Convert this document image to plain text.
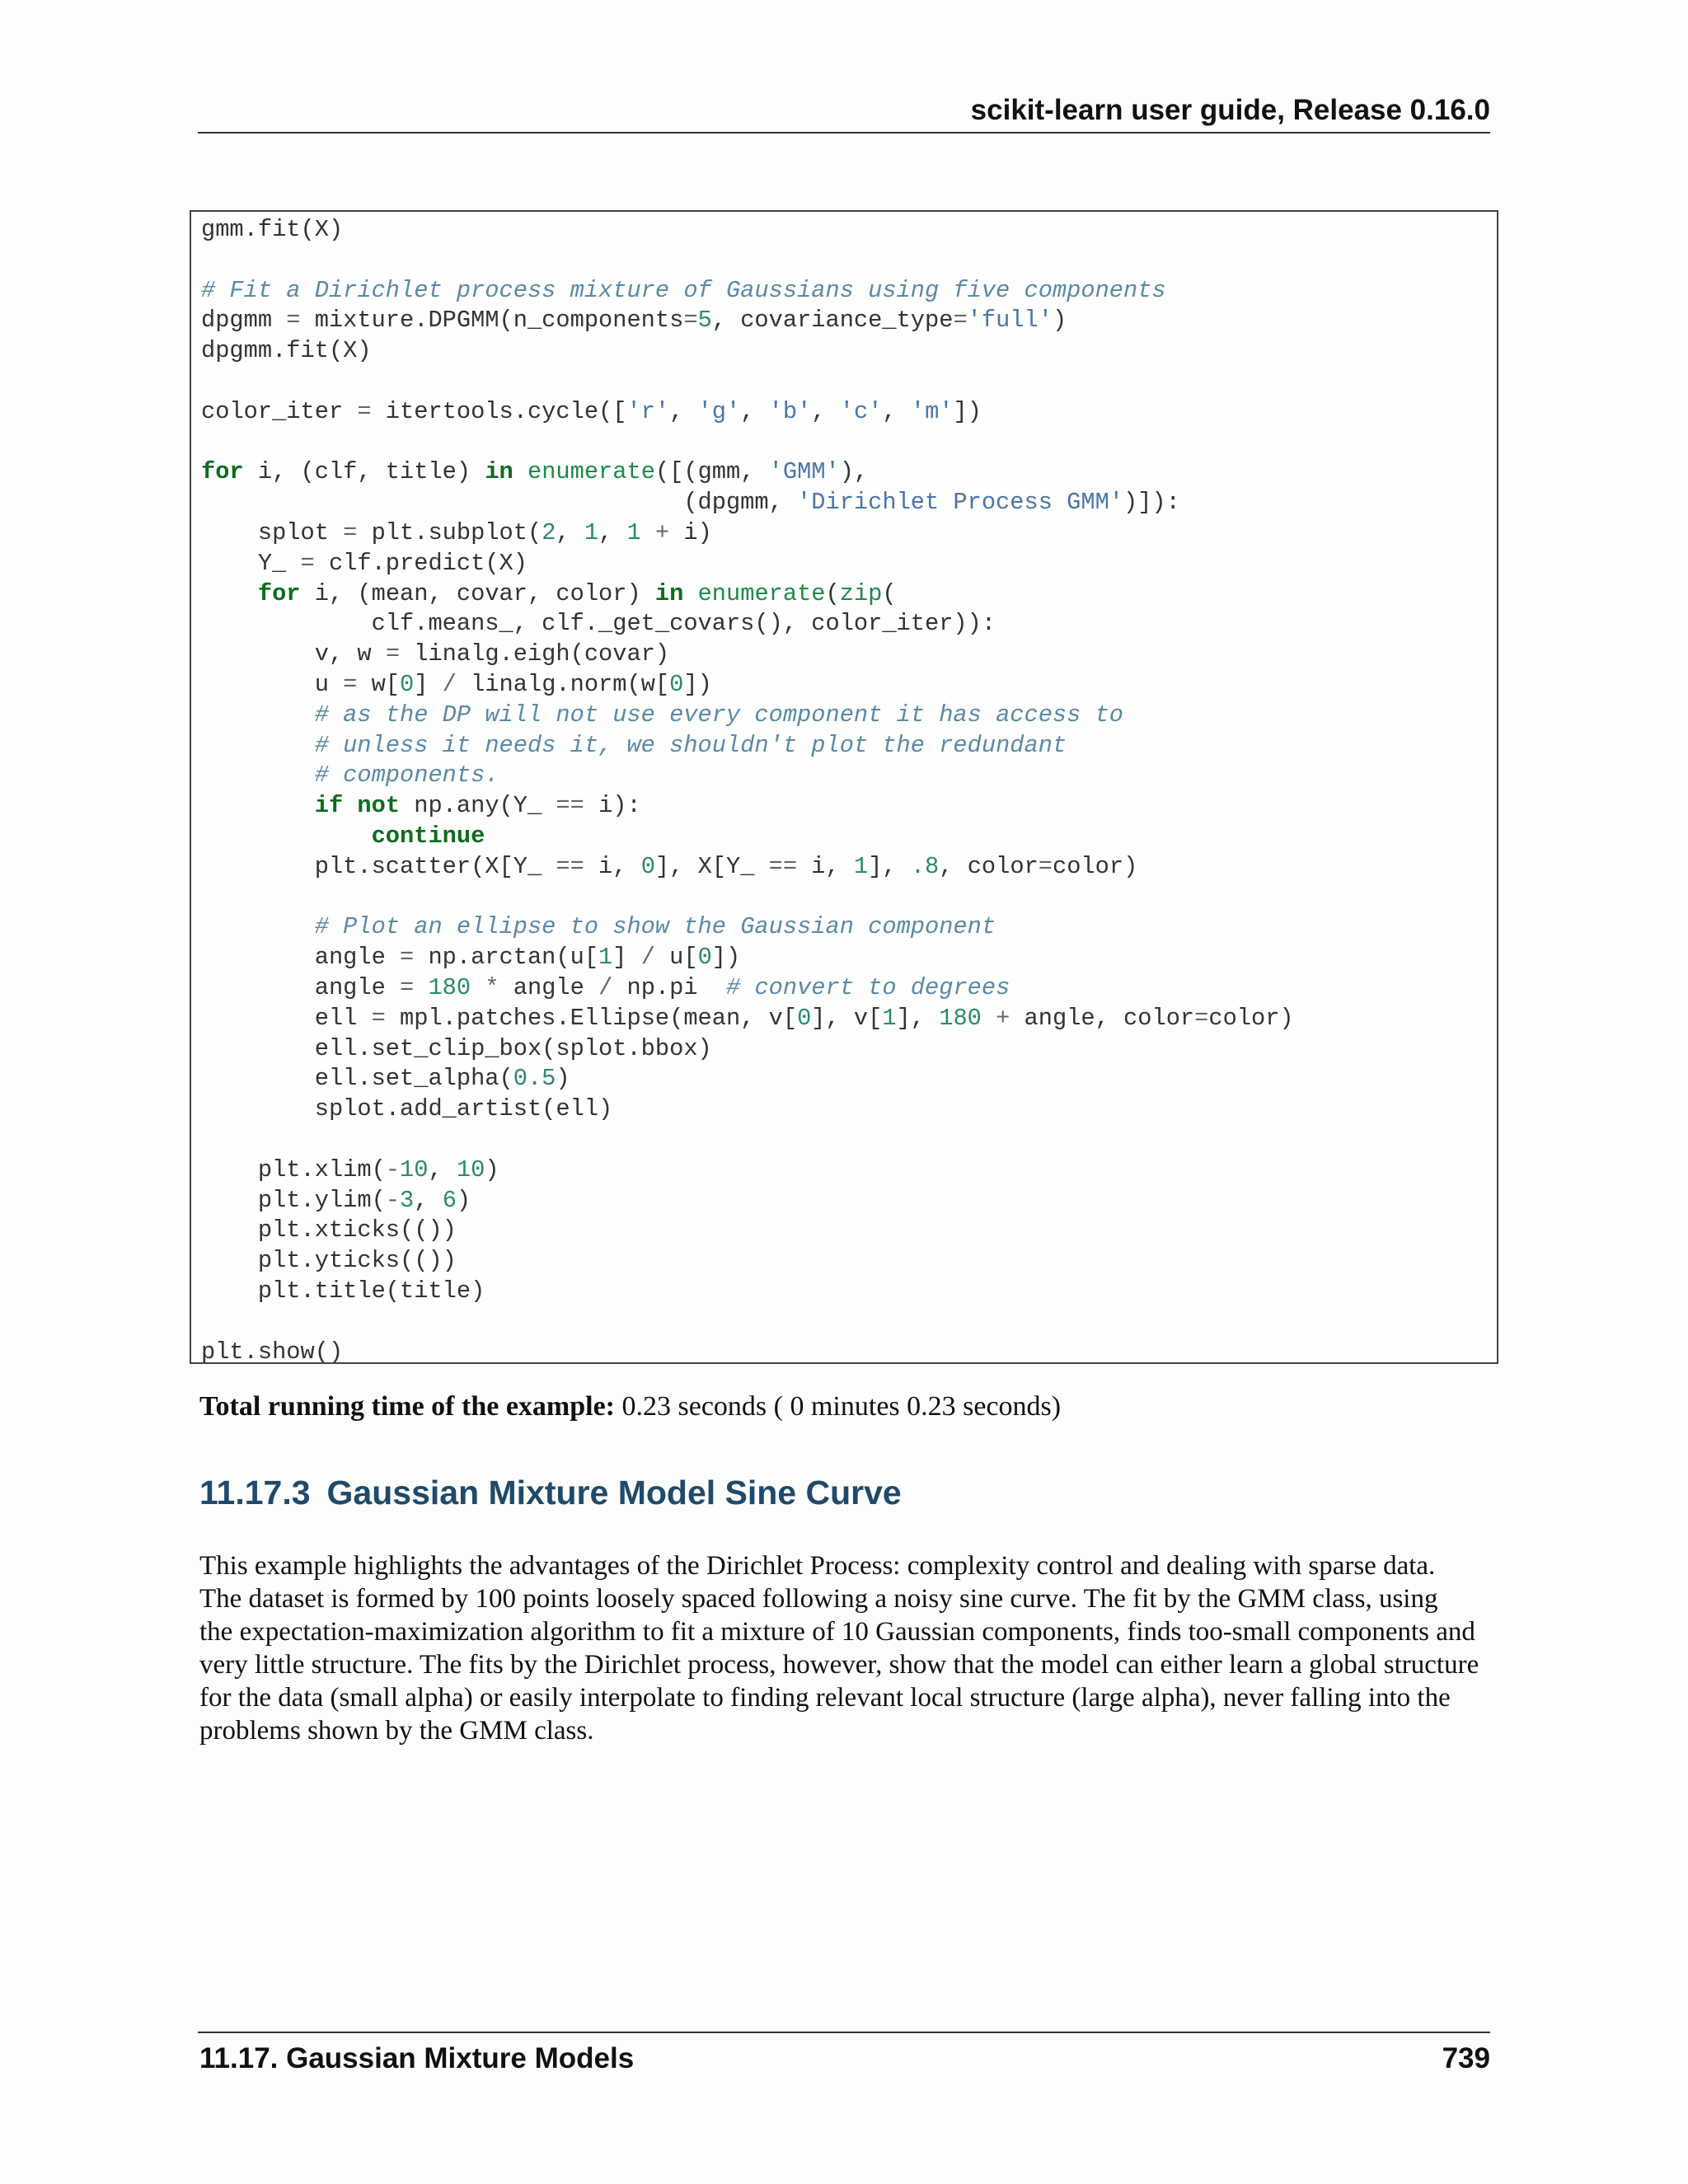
scikit-learn user guide, Release 0.16.0
gmm.fit(X)
# Fit a Dirichlet process mixture of Gaussians using five components
dpgmm = mixture.DPGMM(n_components=5, covariance_type='full')
dpgmm.fit(X)
color_iter = itertools.cycle(['r', 'g', 'b', 'c', 'm'])
for i, (clf, title) in enumerate([(gmm, 'GMM'),
(dpgmm, 'Dirichlet Process GMM')]):
splot = plt.subplot(2, 1, 1 + i)
Y_ = clf.predict(X)
for i, (mean, covar, color) in enumerate(zip(
clf.means_, clf._get_covars(), color_iter)):
v, w = linalg.eigh(covar)
u = w[0] / linalg.norm(w[0])
# as the DP will not use every component it has access to
# unless it needs it, we shouldn't plot the redundant
# components.
if not np.any(Y_ == i):
continue
plt.scatter(X[Y_ == i, 0], X[Y_ == i, 1], .8, color=color)
# Plot an ellipse to show the Gaussian component
angle = np.arctan(u[1] / u[0])
angle = 180 * angle / np.pi  # convert to degrees
ell = mpl.patches.Ellipse(mean, v[0], v[1], 180 + angle, color=color)
ell.set_clip_box(splot.bbox)
ell.set_alpha(0.5)
splot.add_artist(ell)
plt.xlim(-10, 10)
plt.ylim(-3, 6)
plt.xticks(())
plt.yticks(())
plt.title(title)
plt.show()
Total running time of the example: 0.23 seconds ( 0 minutes 0.23 seconds)
11.17.3 Gaussian Mixture Model Sine Curve
This example highlights the advantages of the Dirichlet Process: complexity control and dealing with sparse data.
The dataset is formed by 100 points loosely spaced following a noisy sine curve. The fit by the GMM class, using
the expectation-maximization algorithm to fit a mixture of 10 Gaussian components, finds too-small components and
very little structure. The fits by the Dirichlet process, however, show that the model can either learn a global structure
for the data (small alpha) or easily interpolate to finding relevant local structure (large alpha), never falling into the
problems shown by the GMM class.
11.17. Gaussian Mixture Models	739
